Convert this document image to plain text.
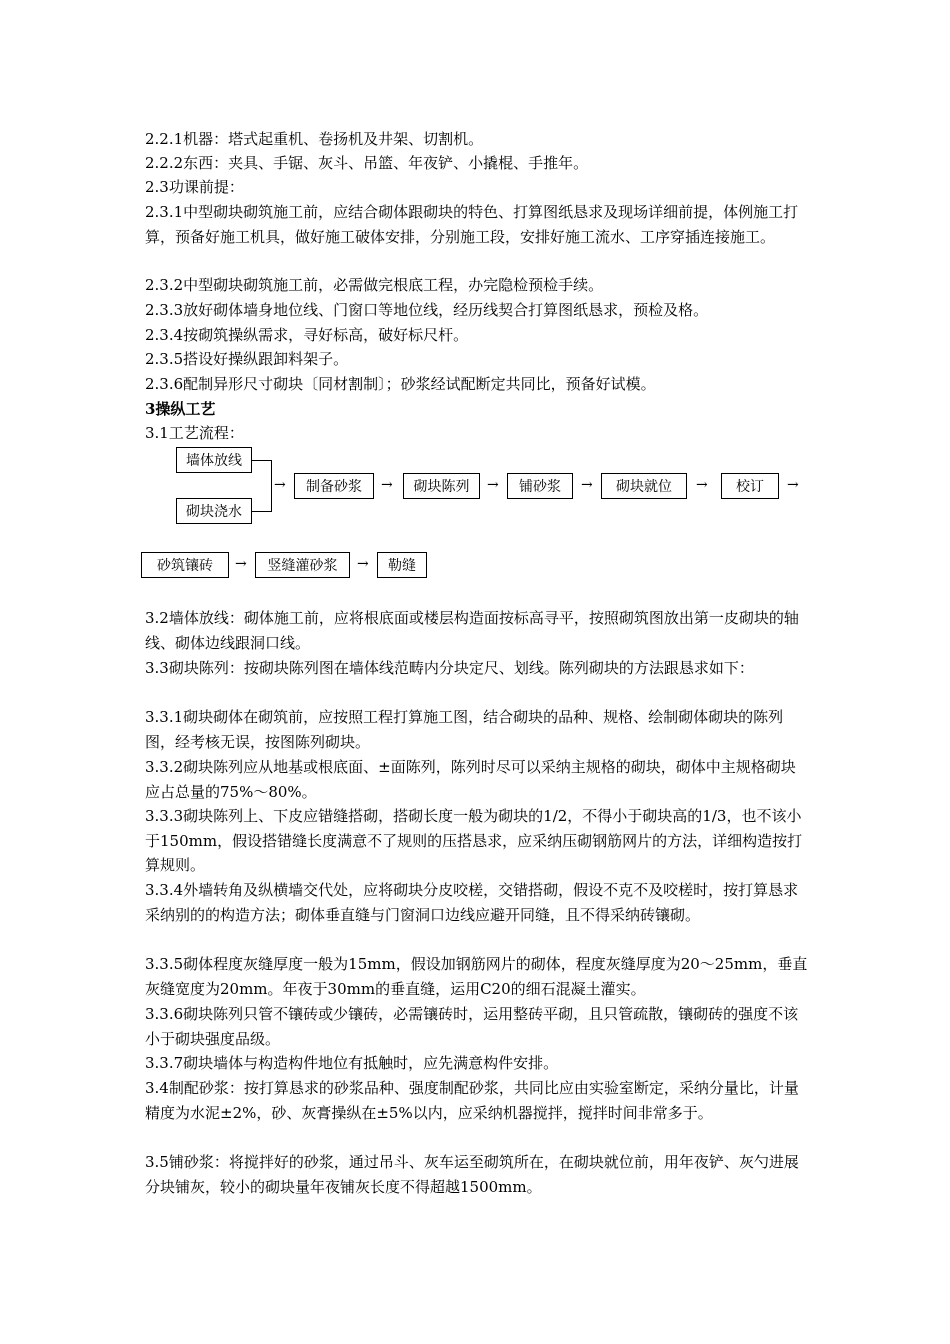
2.2.1机器：塔式起重机、卷扬机及井架、切割机。

2.2.2东西：夹具、手锯、灰斗、吊篮、年夜铲、小撬棍、手推年。

2.3功课前提：

2.3.1中型砌块砌筑施工前，应结合砌体跟砌块的特色、打算图纸恳求及现场详细前提，体例施工打算，预备好施工机具，做好施工破体安排，分别施工段，安排好施工流水、工序穿插连接施工。

2.3.2中型砌块砌筑施工前，必需做完根底工程，办完隐检预检手续。

2.3.3放好砌体墙身地位线、门窗口等地位线，经历线契合打算图纸恳求，预检及格。

2.3.4按砌筑操纵需求，寻好标高，破好标尺杆。

2.3.5搭设好操纵跟卸料架子。

2.3.6配制异形尺寸砌块〔同材割制〕；砂浆经试配断定共同比，预备好试模。

3操纵工艺

3.1工艺流程：

墙体放线
砌块浇水
→	制备砂浆	→	砌块陈列	→	铺砂浆	→	砌块就位	→	校订	→
砂筑镶砖	→	竖缝灌砂浆	→	勒缝

3.2墙体放线：砌体施工前，应将根底面或楼层构造面按标高寻平，按照砌筑图放出第一皮砌块的轴线、砌体边线跟洞口线。

3.3砌块陈列：按砌块陈列图在墙体线范畴内分块定尺、划线。陈列砌块的方法跟恳求如下：

3.3.1砌块砌体在砌筑前，应按照工程打算施工图，结合砌块的品种、规格、绘制砌体砌块的陈列图，经考核无误，按图陈列砌块。

3.3.2砌块陈列应从地基或根底面、±面陈列，陈列时尽可以采纳主规格的砌块，砌体中主规格砌块应占总量的75%～80%。

3.3.3砌块陈列上、下皮应错缝搭砌，搭砌长度一般为砌块的1/2，不得小于砌块高的1/3，也不该小于150mm，假设搭错缝长度满意不了规则的压搭恳求，应采纳压砌钢筋网片的方法，详细构造按打算规则。

3.3.4外墙转角及纵横墙交代处，应将砌块分皮咬槎，交错搭砌，假设不克不及咬槎时，按打算恳求采纳别的的构造方法；砌体垂直缝与门窗洞口边线应避开同缝，且不得采纳砖镶砌。

3.3.5砌体程度灰缝厚度一般为15mm，假设加钢筋网片的砌体，程度灰缝厚度为20～25mm，垂直灰缝宽度为20mm。年夜于30mm的垂直缝，运用C20的细石混凝土灌实。

3.3.6砌块陈列只管不镶砖或少镶砖，必需镶砖时，运用整砖平砌，且只管疏散，镶砌砖的强度不该小于砌块强度品级。

3.3.7砌块墙体与构造构件地位有抵触时，应先满意构件安排。

3.4制配砂浆：按打算恳求的砂浆品种、强度制配砂浆，共同比应由实验室断定，采纳分量比，计量精度为水泥±2%，砂、灰膏操纵在±5%以内，应采纳机器搅拌，搅拌时间非常多于。

3.5铺砂浆：将搅拌好的砂浆，通过吊斗、灰车运至砌筑所在，在砌块就位前，用年夜铲、灰勺进展分块铺灰，较小的砌块量年夜铺灰长度不得超越1500mm。
